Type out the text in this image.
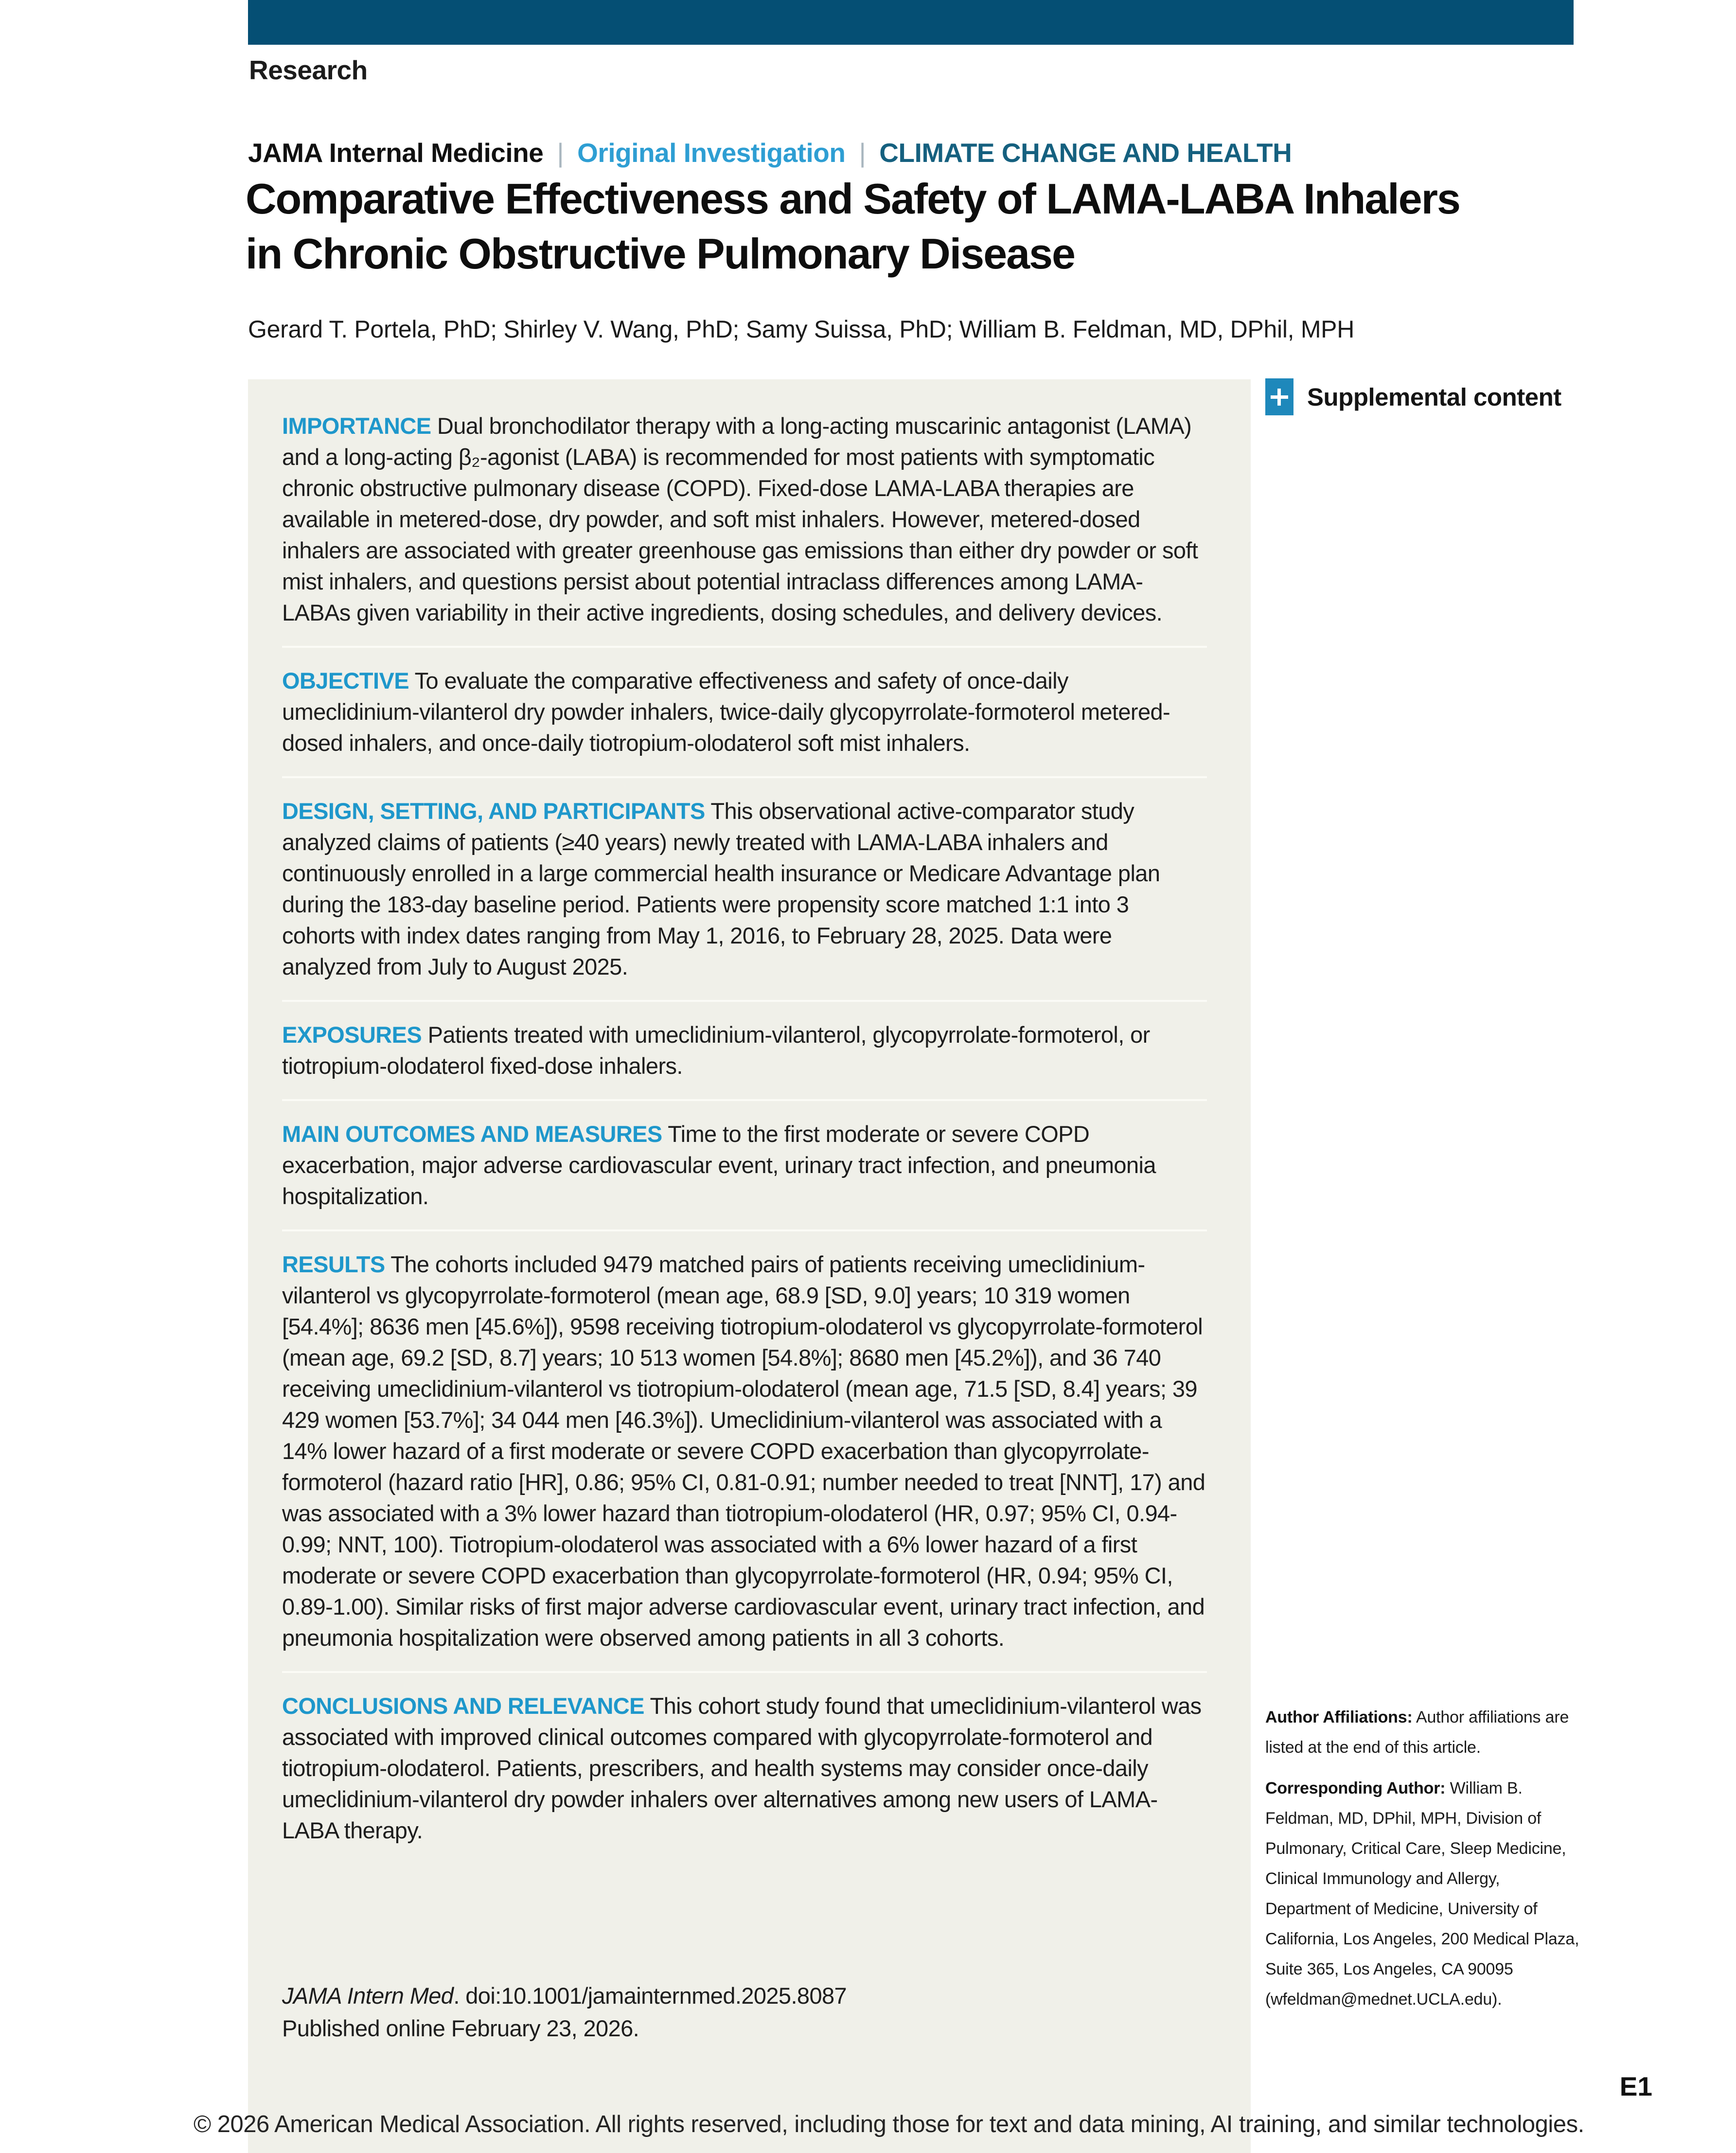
Research
JAMA Internal Medicine | Original Investigation | CLIMATE CHANGE AND HEALTH
Comparative Effectiveness and Safety of LAMA-LABA Inhalers
in Chronic Obstructive Pulmonary Disease
Gerard T. Portela, PhD; Shirley V. Wang, PhD; Samy Suissa, PhD; William B. Feldman, MD, DPhil, MPH

IMPORTANCE Dual bronchodilator therapy with a long-acting muscarinic antagonist (LAMA) and a long-acting β₂-agonist (LABA) is recommended for most patients with symptomatic chronic obstructive pulmonary disease (COPD). Fixed-dose LAMA-LABA therapies are available in metered-dose, dry powder, and soft mist inhalers. However, metered-dosed inhalers are associated with greater greenhouse gas emissions than either dry powder or soft mist inhalers, and questions persist about potential intraclass differences among LAMA-LABAs given variability in their active ingredients, dosing schedules, and delivery devices.

OBJECTIVE To evaluate the comparative effectiveness and safety of once-daily umeclidinium-vilanterol dry powder inhalers, twice-daily glycopyrrolate-formoterol metered-dosed inhalers, and once-daily tiotropium-olodaterol soft mist inhalers.

DESIGN, SETTING, AND PARTICIPANTS This observational active-comparator study analyzed claims of patients (≥40 years) newly treated with LAMA-LABA inhalers and continuously enrolled in a large commercial health insurance or Medicare Advantage plan during the 183-day baseline period. Patients were propensity score matched 1:1 into 3 cohorts with index dates ranging from May 1, 2016, to February 28, 2025. Data were analyzed from July to August 2025.

EXPOSURES Patients treated with umeclidinium-vilanterol, glycopyrrolate-formoterol, or tiotropium-olodaterol fixed-dose inhalers.

MAIN OUTCOMES AND MEASURES Time to the first moderate or severe COPD exacerbation, major adverse cardiovascular event, urinary tract infection, and pneumonia hospitalization.

RESULTS The cohorts included 9479 matched pairs of patients receiving umeclidinium-vilanterol vs glycopyrrolate-formoterol (mean age, 68.9 [SD, 9.0] years; 10 319 women [54.4%]; 8636 men [45.6%]), 9598 receiving tiotropium-olodaterol vs glycopyrrolate-formoterol (mean age, 69.2 [SD, 8.7] years; 10 513 women [54.8%]; 8680 men [45.2%]), and 36 740 receiving umeclidinium-vilanterol vs tiotropium-olodaterol (mean age, 71.5 [SD, 8.4] years; 39 429 women [53.7%]; 34 044 men [46.3%]). Umeclidinium-vilanterol was associated with a 14% lower hazard of a first moderate or severe COPD exacerbation than glycopyrrolate-formoterol (hazard ratio [HR], 0.86; 95% CI, 0.81-0.91; number needed to treat [NNT], 17) and was associated with a 3% lower hazard than tiotropium-olodaterol (HR, 0.97; 95% CI, 0.94-0.99; NNT, 100). Tiotropium-olodaterol was associated with a 6% lower hazard of a first moderate or severe COPD exacerbation than glycopyrrolate-formoterol (HR, 0.94; 95% CI, 0.89-1.00). Similar risks of first major adverse cardiovascular event, urinary tract infection, and pneumonia hospitalization were observed among patients in all 3 cohorts.

CONCLUSIONS AND RELEVANCE This cohort study found that umeclidinium-vilanterol was associated with improved clinical outcomes compared with glycopyrrolate-formoterol and tiotropium-olodaterol. Patients, prescribers, and health systems may consider once-daily umeclidinium-vilanterol dry powder inhalers over alternatives among new users of LAMA-LABA therapy.

JAMA Intern Med. doi:10.1001/jamainternmed.2025.8087

Published online February 23, 2026.

Supplemental content

Author Affiliations: Author affiliations are listed at the end of this article.

Corresponding Author: William B. Feldman, MD, DPhil, MPH, Division of Pulmonary, Critical Care, Sleep Medicine, Clinical Immunology and Allergy, Department of Medicine, University of California, Los Angeles, 200 Medical Plaza, Suite 365, Los Angeles, CA 90095 (wfeldman@mednet.UCLA.edu).

E1
© 2026 American Medical Association. All rights reserved, including those for text and data mining, AI training, and similar technologies.
